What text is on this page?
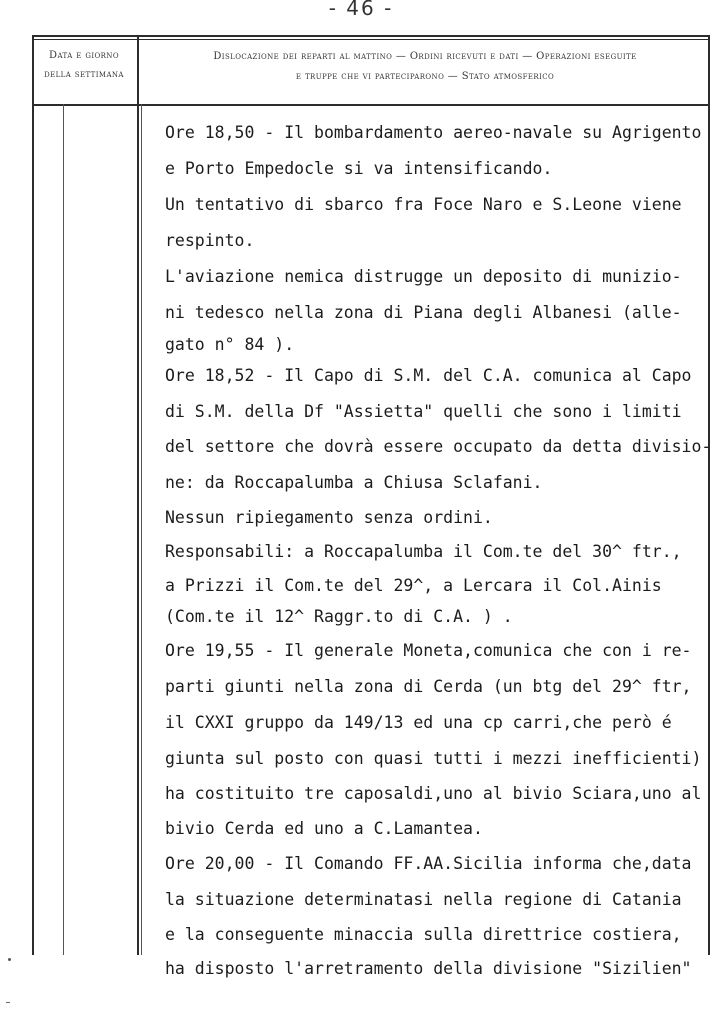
- 46 -
Data e giorno
della settimana
Dislocazione dei reparti al mattino — Ordini ricevuti e dati — Operazioni eseguite
e truppe che vi parteciparono — Stato atmosferico
Ore 18,50 - Il bombardamento aereo-navale su Agrigento
e Porto Empedocle si va intensificando.
Un tentativo di sbarco fra Foce Naro e S.Leone viene
respinto.
L'aviazione nemica distrugge un deposito di munizio-
ni tedesco nella zona di Piana degli Albanesi (alle-
gato n° 84 ).
Ore 18,52 - Il Capo di S.M. del C.A. comunica al Capo
di S.M. della Df "Assietta" quelli che sono i limiti
del settore che dovrà essere occupato da detta divisio-
ne: da Roccapalumba a Chiusa Sclafani.
Nessun ripiegamento senza ordini.
Responsabili: a Roccapalumba il Com.te del 30^ ftr.,
a Prizzi il Com.te del 29^, a Lercara il Col.Ainis
(Com.te il 12^ Raggr.to di C.A. ) .
Ore 19,55 - Il generale Moneta,comunica che con i re-
parti giunti nella zona di Cerda (un btg del 29^ ftr,
il CXXI gruppo da 149/13 ed una cp carri,che però é
giunta sul posto con quasi tutti i mezzi inefficienti)
ha costituito tre caposaldi,uno al bivio Sciara,uno al
bivio Cerda ed uno a C.Lamantea.
Ore 20,00 - Il Comando FF.AA.Sicilia informa che,data
la situazione determinatasi nella regione di Catania
e la conseguente minaccia sulla direttrice costiera,
ha disposto l'arretramento della divisione "Sizilien"
